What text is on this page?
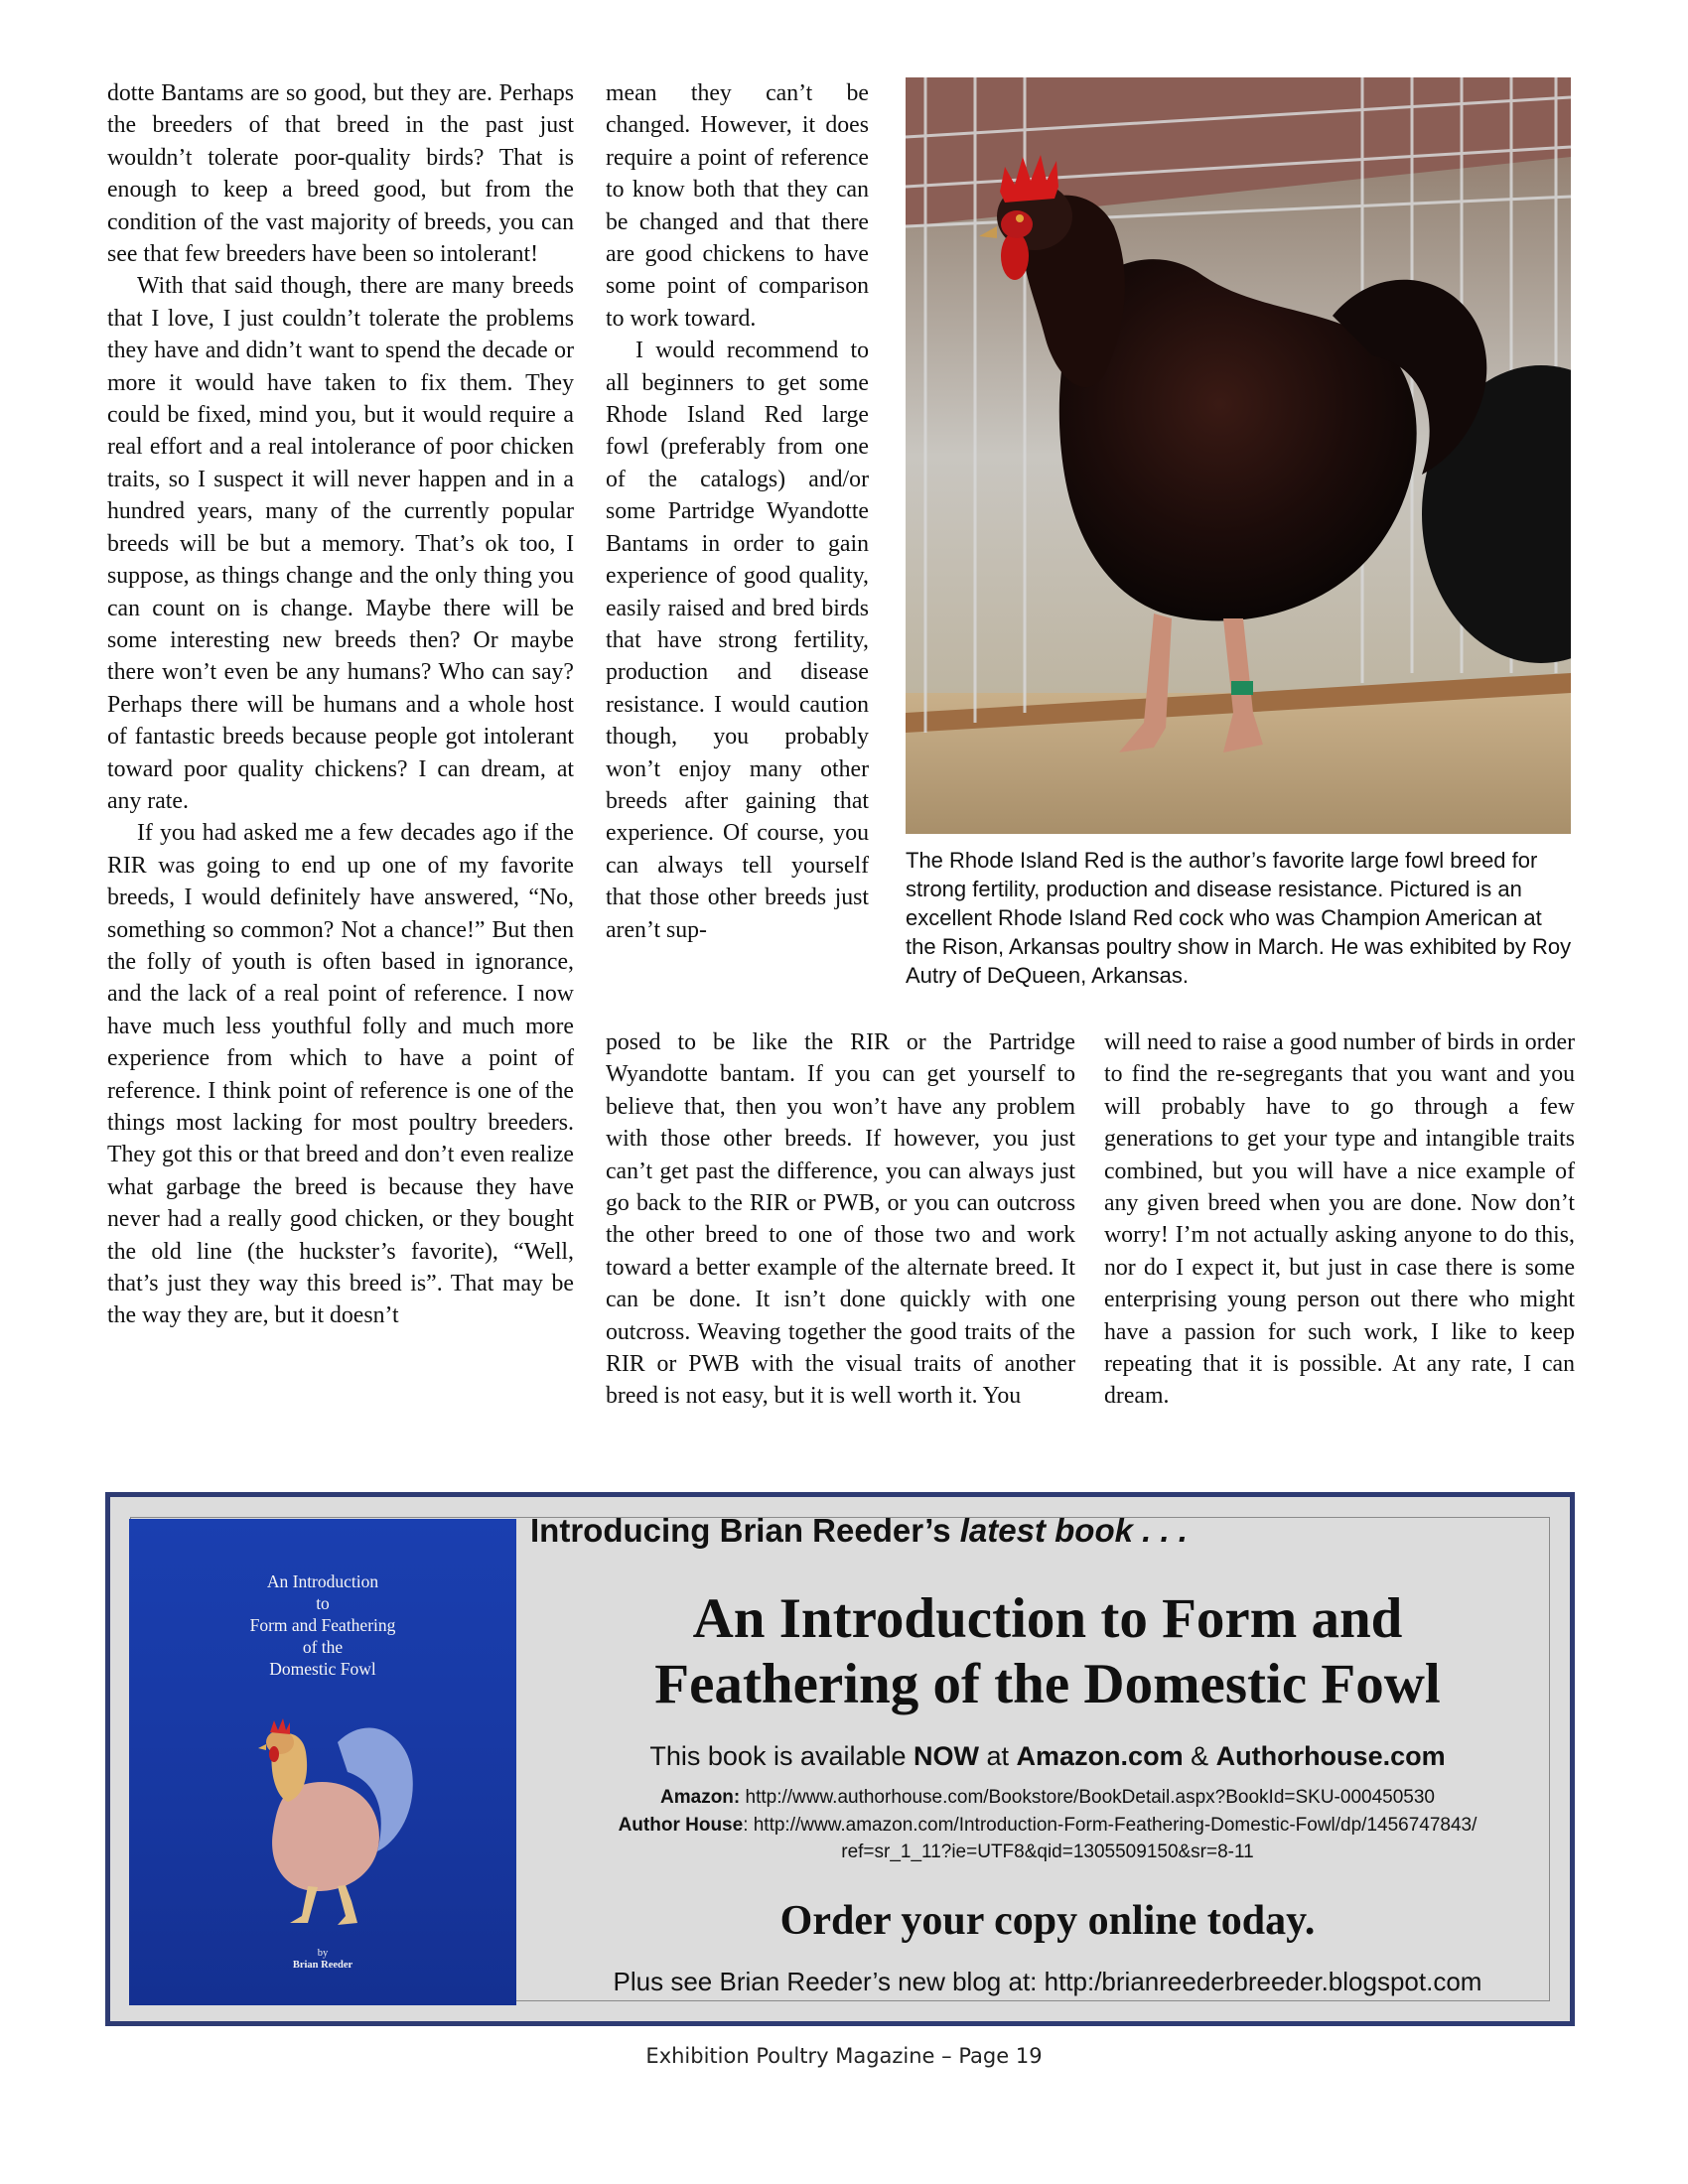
dotte Bantams are so good, but they are. Perhaps the breeders of that breed in the past just wouldn’t tolerate poor-quality birds? That is enough to keep a breed good, but from the condition of the vast majority of breeds, you can see that few breeders have been so intolerant!

With that said though, there are many breeds that I love, I just couldn’t tolerate the problems they have and didn’t want to spend the decade or more it would have taken to fix them. They could be fixed, mind you, but it would require a real effort and a real intolerance of poor chicken traits, so I suspect it will never happen and in a hundred years, many of the currently popular breeds will be but a memory. That’s ok too, I suppose, as things change and the only thing you can count on is change. Maybe there will be some interesting new breeds then? Or maybe there won’t even be any humans? Who can say? Perhaps there will be humans and a whole host of fantastic breeds because people got intolerant toward poor quality chickens? I can dream, at any rate.

If you had asked me a few decades ago if the RIR was going to end up one of my favorite breeds, I would definitely have answered, “No, something so common? Not a chance!” But then the folly of youth is often based in ignorance, and the lack of a real point of reference. I now have much less youthful folly and much more experience from which to have a point of reference. I think point of reference is one of the things most lacking for most poultry breeders. They got this or that breed and don’t even realize what garbage the breed is because they have never had a really good chicken, or they bought the old line (the huckster’s favorite), “Well, that’s just they way this breed is”. That may be the way they are, but it doesn’t

mean they can’t be changed. However, it does require a point of reference to know both that they can be changed and that there are good chickens to have some point of comparison to work toward.

I would recommend to all beginners to get some Rhode Island Red large fowl (preferably from one of the catalogs) and/or some Partridge Wyandotte Bantams in order to gain experience of good quality, easily raised and bred birds that have strong fertility, production and disease resistance. I would caution though, you probably won’t enjoy many other breeds after gaining that experience. Of course, you can always tell yourself that those other breeds just aren’t sup-

posed to be like the RIR or the Partridge Wyandotte bantam. If you can get yourself to believe that, then you won’t have any problem with those other breeds. If however, you just can’t get past the difference, you can always just go back to the RIR or PWB, or you can outcross the other breed to one of those two and work toward a better example of the alternate breed. It can be done. It isn’t done quickly with one outcross. Weaving together the good traits of the RIR or PWB with the visual traits of another breed is not easy, but it is well worth it. You

will need to raise a good number of birds in order to find the re-segregants that you want and you will probably have to go through a few generations to get your type and intangible traits combined, but you will have a nice example of any given breed when you are done. Now don’t worry! I’m not actually asking anyone to do this, nor do I expect it, but just in case there is some enterprising young person out there who might have a passion for such work, I like to keep repeating that it is possible. At any rate, I can dream.

The Rhode Island Red is the author’s favorite large fowl breed for strong fertility, production and disease resistance. Pictured is an excellent Rhode Island Red cock who was Champion American at the Rison, Arkansas poultry show in March. He was exhibited by Roy Autry of DeQueen, Arkansas.
An Introduction
to
Form and Feathering
of the
Domestic Fowl
by
Brian Reeder
Introducing Brian Reeder’s latest book . . .
An Introduction to Form and
Feathering of the Domestic Fowl
This book is available NOW at Amazon.com & Authorhouse.com
Amazon: http://www.authorhouse.com/Bookstore/BookDetail.aspx?BookId=SKU-000450530
Author House: http://www.amazon.com/Introduction-Form-Feathering-Domestic-Fowl/dp/1456747843/
ref=sr_1_11?ie=UTF8&qid=1305509150&sr=8-11
Order your copy online today.
Plus see Brian Reeder’s new blog at: http:/brianreederbreeder.blogspot.com
Exhibition Poultry Magazine – Page 19
